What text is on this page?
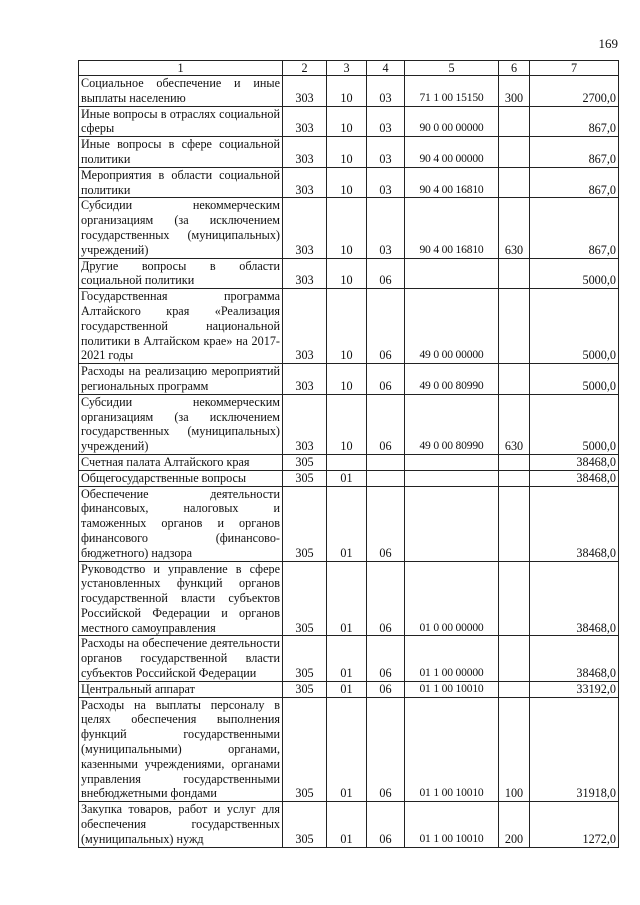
169
1	2	3	4	5	6	7
Социальное обеспечение и иные выплаты населению	303	10	03	71 1 00 15150	300	2700,0
Иные вопросы в отраслях социальной сферы	303	10	03	90 0 00 00000		867,0
Иные вопросы в сфере социальной политики	303	10	03	90 4 00 00000		867,0
Мероприятия в области социальной политики	303	10	03	90 4 00 16810		867,0
Субсидии некоммерческим организациям (за исключением государственных (муниципальных) учреждений)	303	10	03	90 4 00 16810	630	867,0
Другие вопросы в области социальной политики	303	10	06			5000,0
Государственная программа Алтайского края «Реализация государственной национальной политики в Алтайском крае» на 2017-2021 годы	303	10	06	49 0 00 00000		5000,0
Расходы на реализацию мероприятий региональных программ	303	10	06	49 0 00 80990		5000,0
Субсидии некоммерческим организациям (за исключением государственных (муниципальных) учреждений)	303	10	06	49 0 00 80990	630	5000,0
Счетная палата Алтайского края	305					38468,0
Общегосударственные вопросы	305	01				38468,0
Обеспечение деятельности финансовых, налоговых и таможенных органов и органов финансового (финансово-бюджетного) надзора	305	01	06			38468,0
Руководство и управление в сфере установленных функций органов государственной власти субъектов Российской Федерации и органов местного самоуправления	305	01	06	01 0 00 00000		38468,0
Расходы на обеспечение деятельности органов государственной власти субъектов Российской Федерации	305	01	06	01 1 00 00000		38468,0
Центральный аппарат	305	01	06	01 1 00 10010		33192,0
Расходы на выплаты персоналу в целях обеспечения выполнения функций государственными (муниципальными) органами, казенными учреждениями, органами управления государственными внебюджетными фондами	305	01	06	01 1 00 10010	100	31918,0
Закупка товаров, работ и услуг для обеспечения государственных (муниципальных) нужд	305	01	06	01 1 00 10010	200	1272,0
